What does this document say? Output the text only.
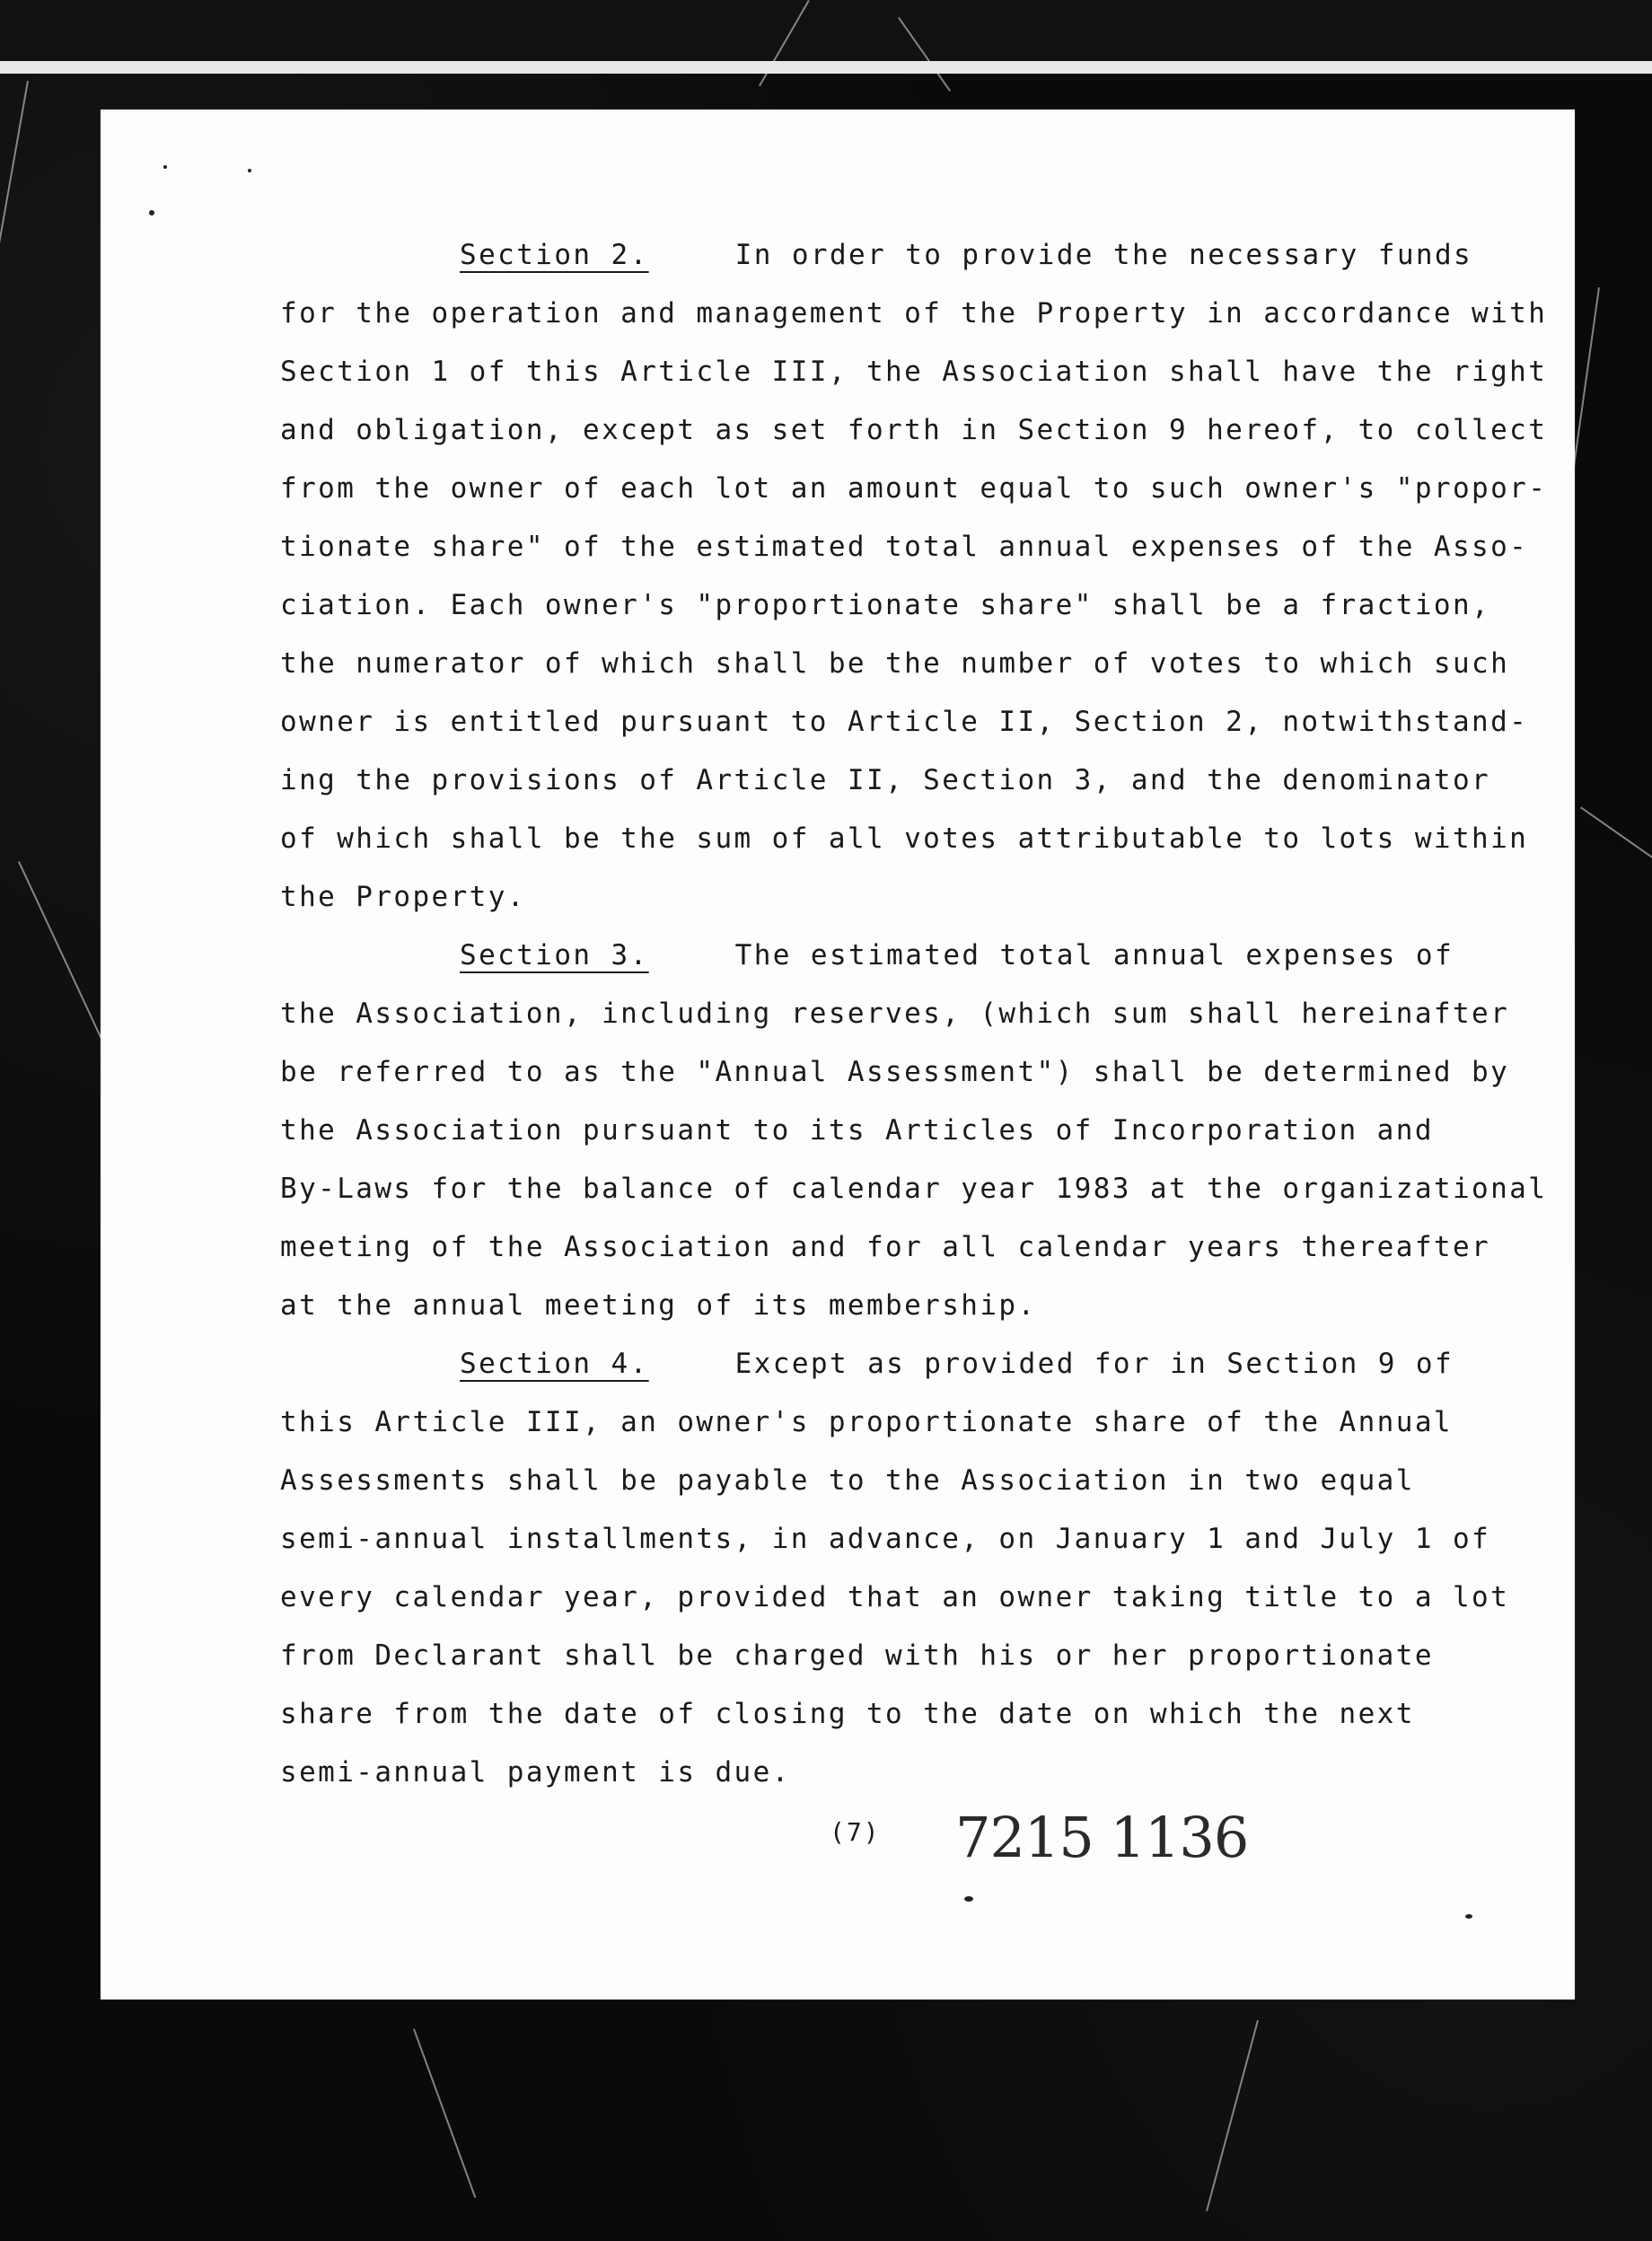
Section 2.	In order to provide the necessary funds
for the operation and management of the Property in accordance with
Section 1 of this Article III, the Association shall have the right
and obligation, except as set forth in Section 9 hereof, to collect
from the owner of each lot an amount equal to such owner's "propor-
tionate share" of the estimated total annual expenses of the Asso-
ciation. Each owner's "proportionate share" shall be a fraction,
the numerator of which shall be the number of votes to which such
owner is entitled pursuant to Article II, Section 2, notwithstand-
ing the provisions of Article II, Section 3, and the denominator
of which shall be the sum of all votes attributable to lots within
the Property.
Section 3.	The estimated total annual expenses of
the Association, including reserves, (which sum shall hereinafter
be referred to as the "Annual Assessment") shall be determined by
the Association pursuant to its Articles of Incorporation and
By-Laws for the balance of calendar year 1983 at the organizational
meeting of the Association and for all calendar years thereafter
at the annual meeting of its membership.
Section 4.	Except as provided for in Section 9 of
this Article III, an owner's proportionate share of the Annual
Assessments shall be payable to the Association in two equal
semi-annual installments, in advance, on January 1 and July 1 of
every calendar year, provided that an owner taking title to a lot
from Declarant shall be charged with his or her proportionate
share from the date of closing to the date on which the next
semi-annual payment is due.
(7) 7215 1136
